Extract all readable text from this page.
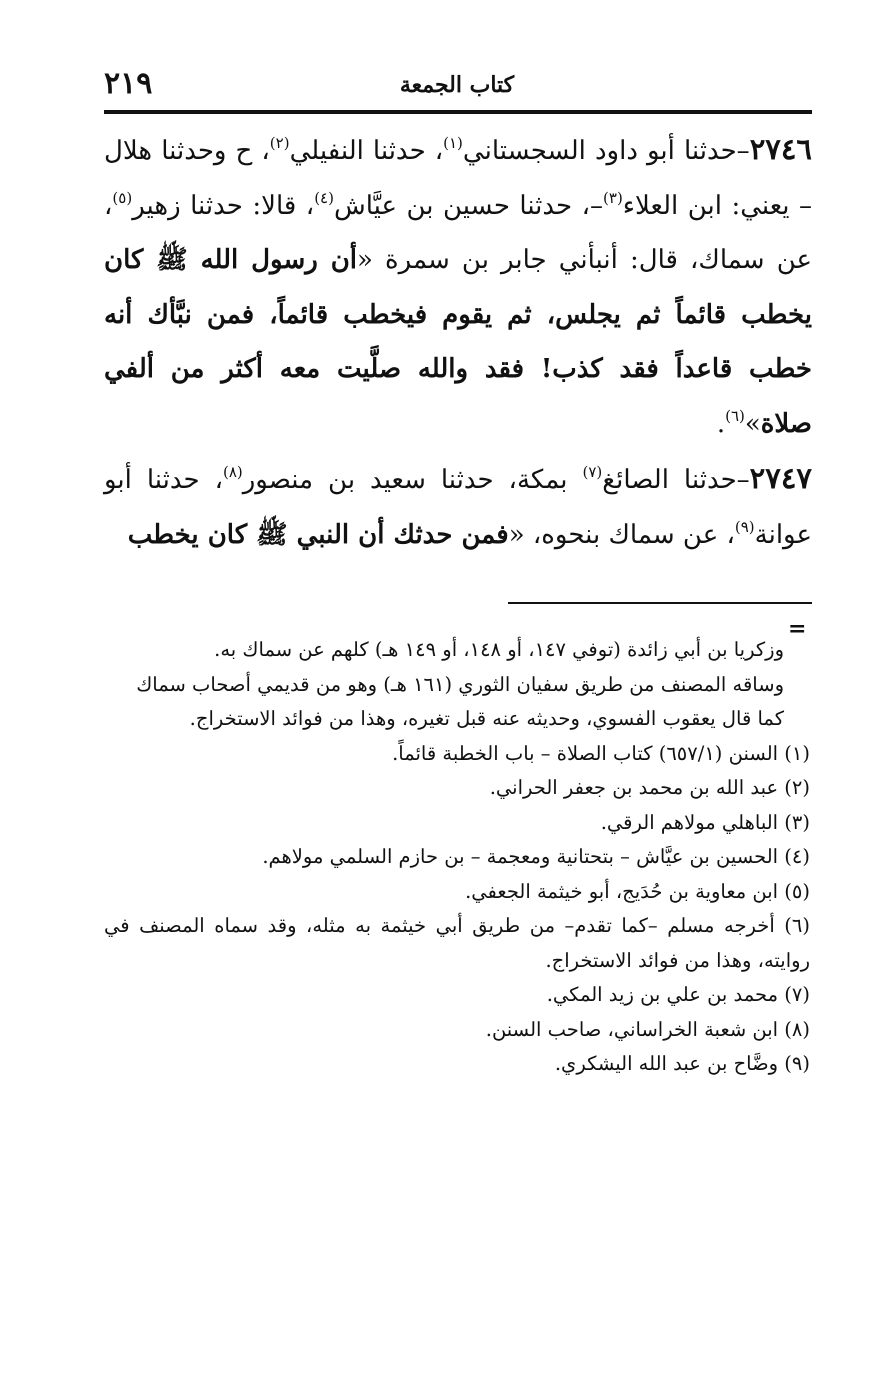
٢١٩	كتاب الجمعة

٢٧٤٦–حدثنا أبو داود السجستاني$^{(١)}$، حدثنا النفيلي$^{(٢)}$، ح وحدثنا هلال – يعني: ابن العلاء$^{(٣)}$–، حدثنا حسين بن عيَّاش$^{(٤)}$، قالا: حدثنا زهير$^{(٥)}$، عن سماك، قال: أنبأني جابر بن سمرة «أن رسول الله ﷺ كان يخطب قائماً ثم يجلس، ثم يقوم فيخطب قائماً، فمن نبَّأك أنه خطب قاعداً فقد كذب! فقد والله صلَّيت معه أكثر من ألفي صلاة»$^{(٦)}$.

٢٧٤٧–حدثنا الصائغ$^{(٧)}$ بمكة، حدثنا سعيد بن منصور$^{(٨)}$، حدثنا أبو عوانة$^{(٩)}$، عن سماك بنحوه، «فمن حدثك أن النبي ﷺ كان يخطب

=

وزكريا بن أبي زائدة (توفي ١٤٧، أو ١٤٨، أو ١٤٩ هـ) كلهم عن سماك به.

وساقه المصنف من طريق سفيان الثوري (١٦١ هـ) وهو من قديمي أصحاب سماك كما قال يعقوب الفسوي، وحديثه عنه قبل تغيره، وهذا من فوائد الاستخراج.

(١) السنن (٦٥٧/١) كتاب الصلاة – باب الخطبة قائماً.

(٢) عبد الله بن محمد بن جعفر الحراني.

(٣) الباهلي مولاهم الرقي.

(٤) الحسين بن عيَّاش – بتحتانية ومعجمة – بن حازم السلمي مولاهم.

(٥) ابن معاوية بن حُدَيج، أبو خيثمة الجعفي.

(٦) أخرجه مسلم –كما تقدم– من طريق أبي خيثمة به مثله، وقد سماه المصنف في روايته، وهذا من فوائد الاستخراج.

(٧) محمد بن علي بن زيد المكي.

(٨) ابن شعبة الخراساني، صاحب السنن.

(٩) وضَّاح بن عبد الله اليشكري.
